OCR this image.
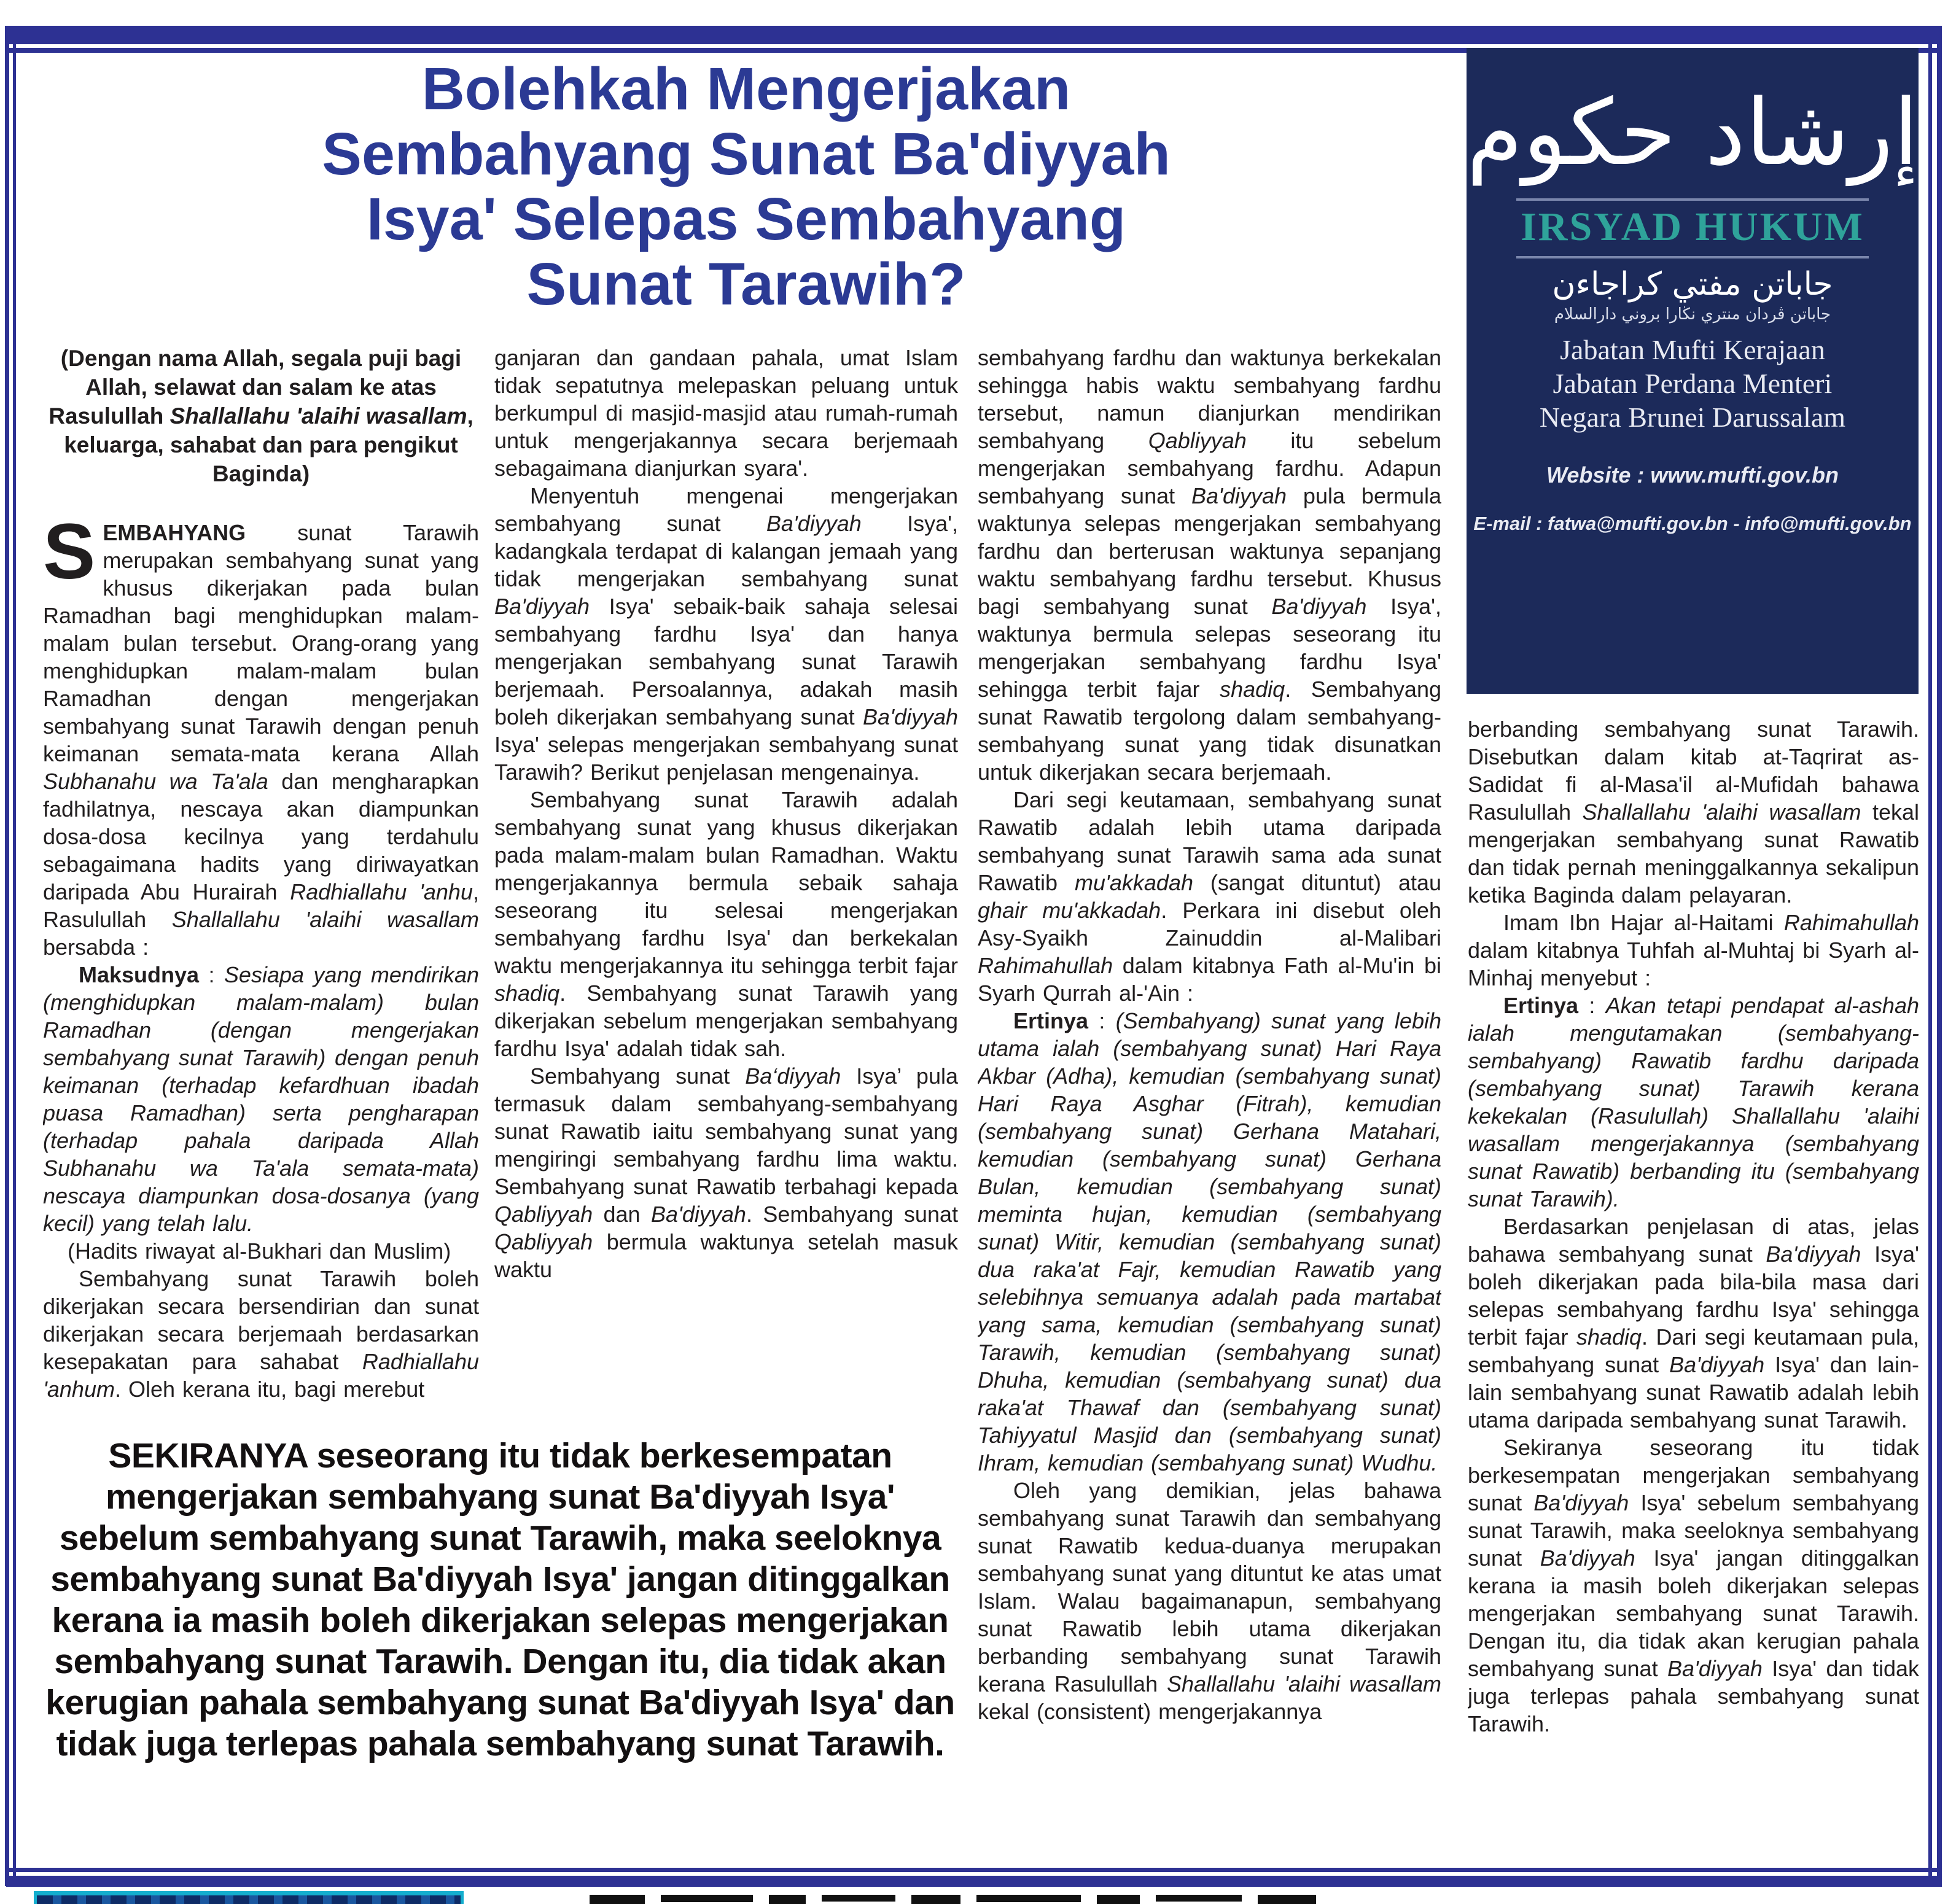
Bolehkah Mengerjakan
Sembahyang Sunat Ba'diyyah
Isya' Selepas Sembahyang
Sunat Tarawih?
إرشاد حكوم
IRSYAD HUKUM
جاباتن مفتي كراجاءن
جاباتن ڤردان منتري نڬارا بروني دارالسلام
Jabatan Mufti Kerajaan
Jabatan Perdana Menteri
Negara Brunei Darussalam
Website : www.mufti.gov.bn
E-mail : fatwa@mufti.gov.bn - info@mufti.gov.bn

(Dengan nama Allah, segala puji bagi Allah, selawat dan salam ke atas Rasulullah Shallallahu 'alaihi wasallam, keluarga, sahabat dan para pengikut Baginda)

SEMBAHYANG sunat Tarawih merupakan sembahyang sunat yang khusus dikerjakan pada bulan Ramadhan bagi menghidupkan malam-malam bulan tersebut. Orang-orang yang menghidupkan malam-malam bulan Ramadhan dengan mengerjakan sembahyang sunat Tarawih dengan penuh keimanan semata-mata kerana Allah Subhanahu wa Ta'ala dan mengharapkan fadhilatnya, nescaya akan diampunkan dosa-dosa kecilnya yang terdahulu sebagaimana hadits yang diriwayatkan daripada Abu Hurairah Radhiallahu 'anhu, Rasulullah Shallallahu 'alaihi wasallam bersabda :

Maksudnya : Sesiapa yang mendirikan (menghidupkan malam-malam) bulan Ramadhan (dengan mengerjakan sembahyang sunat Tarawih) dengan penuh keimanan (terhadap kefardhuan ibadah puasa Ramadhan) serta pengharapan (terhadap pahala daripada Allah Subhanahu wa Ta'ala semata-mata) nescaya diampunkan dosa-dosanya (yang kecil) yang telah lalu.

(Hadits riwayat al-Bukhari dan Muslim)

Sembahyang sunat Tarawih boleh dikerjakan secara bersendirian dan sunat dikerjakan secara berjemaah berdasarkan kesepakatan para sahabat Radhiallahu 'anhum. Oleh kerana itu, bagi merebut

ganjaran dan gandaan pahala, umat Islam tidak sepatutnya melepaskan peluang untuk berkumpul di masjid-masjid atau rumah-rumah untuk mengerjakannya secara berjemaah sebagaimana dianjurkan syara'.

Menyentuh mengenai mengerjakan sembahyang sunat Ba'diyyah Isya', kadangkala terdapat di kalangan jemaah yang tidak mengerjakan sembahyang sunat Ba'diyyah Isya' sebaik-baik sahaja selesai sembahyang fardhu Isya' dan hanya mengerjakan sembahyang sunat Tarawih berjemaah. Persoalannya, adakah masih boleh dikerjakan sembahyang sunat Ba'diyyah Isya' selepas mengerjakan sembahyang sunat Tarawih? Berikut penjelasan mengenainya.

Sembahyang sunat Tarawih adalah sembahyang sunat yang khusus dikerjakan pada malam-malam bulan Ramadhan. Waktu mengerjakannya bermula sebaik sahaja seseorang itu selesai mengerjakan sembahyang fardhu Isya' dan berkekalan waktu mengerjakannya itu sehingga terbit fajar shadiq. Sembahyang sunat Tarawih yang dikerjakan sebelum mengerjakan sembahyang fardhu Isya' adalah tidak sah.

Sembahyang sunat Ba‘diyyah Isya’ pula termasuk dalam sembahyang-sembahyang sunat Rawatib iaitu sembahyang sunat yang mengiringi sembahyang fardhu lima waktu. Sembahyang sunat Rawatib terbahagi kepada Qabliyyah dan Ba'diyyah. Sembahyang sunat Qabliyyah bermula waktunya setelah masuk waktu

sembahyang fardhu dan waktunya berkekalan sehingga habis waktu sembahyang fardhu tersebut, namun dianjurkan mendirikan sembahyang Qabliyyah itu sebelum mengerjakan sembahyang fardhu. Adapun sembahyang sunat Ba'diyyah pula bermula waktunya selepas mengerjakan sembahyang fardhu dan berterusan waktunya sepanjang waktu sembahyang fardhu tersebut. Khusus bagi sembahyang sunat Ba'diyyah Isya', waktunya bermula selepas seseorang itu mengerjakan sembahyang fardhu Isya' sehingga terbit fajar shadiq. Sembahyang sunat Rawatib tergolong dalam sembahyang-sembahyang sunat yang tidak disunatkan untuk dikerjakan secara berjemaah.

Dari segi keutamaan, sembahyang sunat Rawatib adalah lebih utama daripada sembahyang sunat Tarawih sama ada sunat Rawatib mu'akkadah (sangat dituntut) atau ghair mu'akkadah. Perkara ini disebut oleh Asy-Syaikh Zainuddin al-Malibari Rahimahullah dalam kitabnya Fath al-Mu'in bi Syarh Qurrah al-'Ain :

Ertinya : (Sembahyang) sunat yang lebih utama ialah (sembahyang sunat) Hari Raya Akbar (Adha), kemudian (sembahyang sunat) Hari Raya Asghar (Fitrah), kemudian (sembahyang sunat) Gerhana Matahari, kemudian (sembahyang sunat) Gerhana Bulan, kemudian (sembahyang sunat) meminta hujan, kemudian (sembahyang sunat) Witir, kemudian (sembahyang sunat) dua raka'at Fajr, kemudian Rawatib yang selebihnya semuanya adalah pada martabat yang sama, kemudian (sembahyang sunat) Tarawih, kemudian (sembahyang sunat) Dhuha, kemudian (sembahyang sunat) dua raka'at Thawaf dan (sembahyang sunat) Tahiyyatul Masjid dan (sembahyang sunat) Ihram, kemudian (sembahyang sunat) Wudhu.

Oleh yang demikian, jelas bahawa sembahyang sunat Tarawih dan sembahyang sunat Rawatib kedua-duanya merupakan sembahyang sunat yang dituntut ke atas umat Islam. Walau bagaimanapun, sembahyang sunat Rawatib lebih utama dikerjakan berbanding sembahyang sunat Tarawih kerana Rasulullah Shallallahu 'alaihi wasallam kekal (consistent) mengerjakannya

berbanding sembahyang sunat Tarawih. Disebutkan dalam kitab at-Taqrirat as-Sadidat fi al-Masa'il al-Mufidah bahawa Rasulullah Shallallahu 'alaihi wasallam tekal mengerjakan sembahyang sunat Rawatib dan tidak pernah meninggalkannya sekalipun ketika Baginda dalam pelayaran.

Imam Ibn Hajar al-Haitami Rahimahullah dalam kitabnya Tuhfah al-Muhtaj bi Syarh al-Minhaj menyebut :

Ertinya : Akan tetapi pendapat al-ashah ialah mengutamakan (sembahyang-sembahyang) Rawatib fardhu daripada (sembahyang sunat) Tarawih kerana kekekalan (Rasulullah) Shallallahu 'alaihi wasallam mengerjakannya (sembahyang sunat Rawatib) berbanding itu (sembahyang sunat Tarawih).

Berdasarkan penjelasan di atas, jelas bahawa sembahyang sunat Ba'diyyah Isya' boleh dikerjakan pada bila-bila masa dari selepas sembahyang fardhu Isya' sehingga terbit fajar shadiq. Dari segi keutamaan pula, sembahyang sunat Ba'diyyah Isya' dan lain-lain sembahyang sunat Rawatib adalah lebih utama daripada sembahyang sunat Tarawih.

Sekiranya seseorang itu tidak berkesempatan mengerjakan sembahyang sunat Ba'diyyah Isya' sebelum sembahyang sunat Tarawih, maka seeloknya sembahyang sunat Ba'diyyah Isya' jangan ditinggalkan kerana ia masih boleh dikerjakan selepas mengerjakan sembahyang sunat Tarawih. Dengan itu, dia tidak akan kerugian pahala sembahyang sunat Ba'diyyah Isya' dan tidak juga terlepas pahala sembahyang sunat Tarawih.

SEKIRANYA seseorang itu tidak berkesempatan mengerjakan sembahyang sunat Ba'diyyah Isya' sebelum sembahyang sunat Tarawih, maka seeloknya sembahyang sunat Ba'diyyah Isya' jangan ditinggalkan kerana ia masih boleh dikerjakan selepas mengerjakan sembahyang sunat Tarawih. Dengan itu, dia tidak akan kerugian pahala sembahyang sunat Ba'diyyah Isya' dan tidak juga terlepas pahala sembahyang sunat Tarawih.
